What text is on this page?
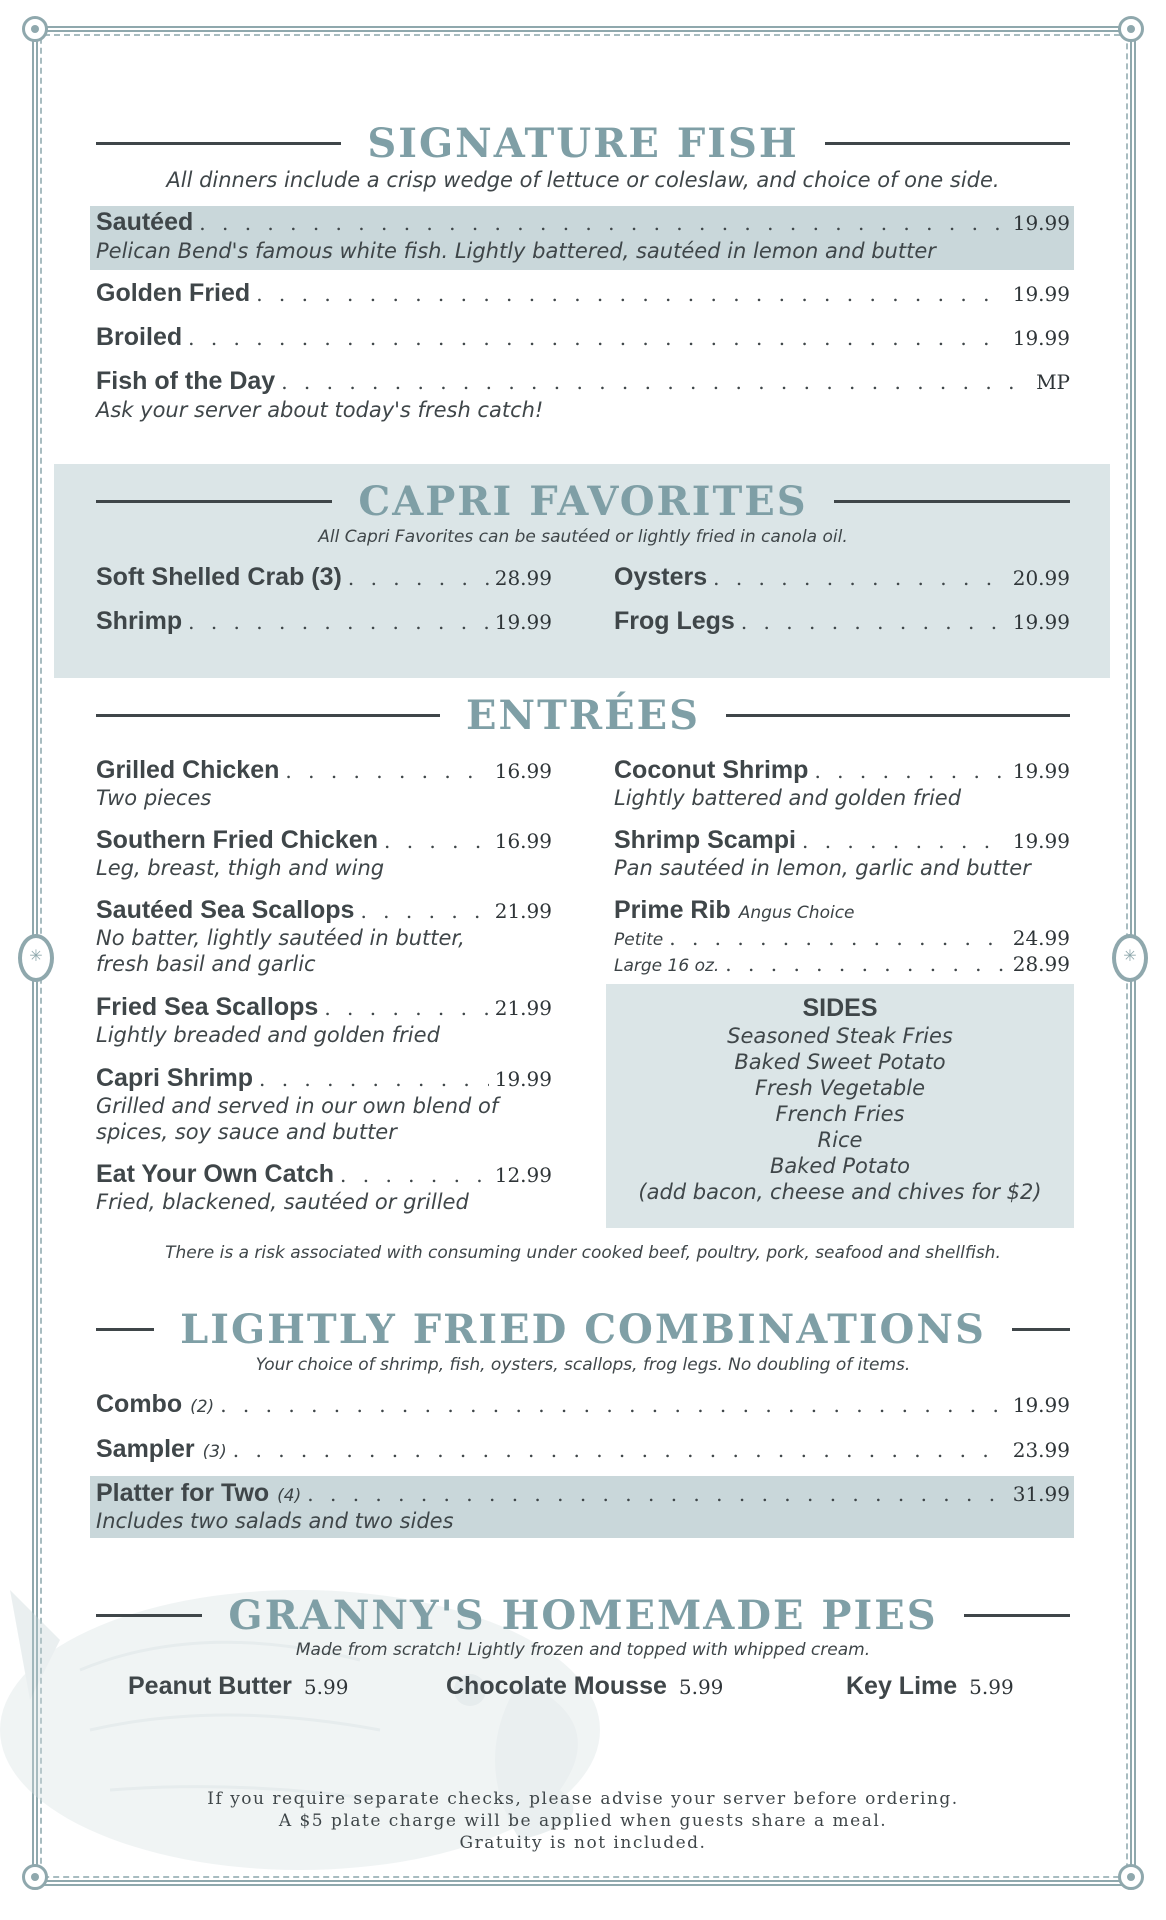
✳
✳
SIGNATURE FISH
All dinners include a crisp wedge of lettuce or coleslaw, and choice of one side.
Sautéed . . .	19.99
Pelican Bend's famous white fish. Lightly battered, sautéed in lemon and butter
Golden Fried . . .	19.99
Broiled . . .	19.99
Fish of the Day . . .	MP
Ask your server about today's fresh catch!
CAPRI FAVORITES
All Capri Favorites can be sautéed or lightly fried in canola oil.
Soft Shelled Crab (3) . . .	28.99 Oysters . . .	20.99
Shrimp . . .	19.99 Frog Legs . . .	19.99
ENTRÉES
Grilled Chicken . . .	16.99
Two pieces
Southern Fried Chicken . . .	16.99
Leg, breast, thigh and wing
Sautéed Sea Scallops . . .	21.99
No batter, lightly sautéed in butter,
fresh basil and garlic
Fried Sea Scallops . . .	21.99
Lightly breaded and golden fried
Capri Shrimp . . .	19.99
Grilled and served in our own blend of
spices, soy sauce and butter
Eat Your Own Catch . . .	12.99
Fried, blackened, sautéed or grilled
Coconut Shrimp . . .	19.99
Lightly battered and golden fried
Shrimp Scampi . . .	19.99
Pan sautéed in lemon, garlic and butter
Prime Rib Angus Choice
Petite . . .	24.99
Large 16 oz. . . .	28.99
SIDES
Seasoned Steak Fries
Baked Sweet Potato
Fresh Vegetable
French Fries
Rice
Baked Potato
(add bacon, cheese and chives for $2)
There is a risk associated with consuming under cooked beef, poultry, pork, seafood and shellfish.
LIGHTLY FRIED COMBINATIONS
Your choice of shrimp, fish, oysters, scallops, frog legs. No doubling of items.
Combo (2) . . .	19.99
Sampler (3) . . .	23.99
Platter for Two (4) . . .	31.99
Includes two salads and two sides
GRANNY'S HOMEMADE PIES
Made from scratch! Lightly frozen and topped with whipped cream.
Peanut Butter 5.99	Chocolate Mousse 5.99	Key Lime 5.99
If you require separate checks, please advise your server before ordering.
A $5 plate charge will be applied when guests share a meal.
Gratuity is not included.
